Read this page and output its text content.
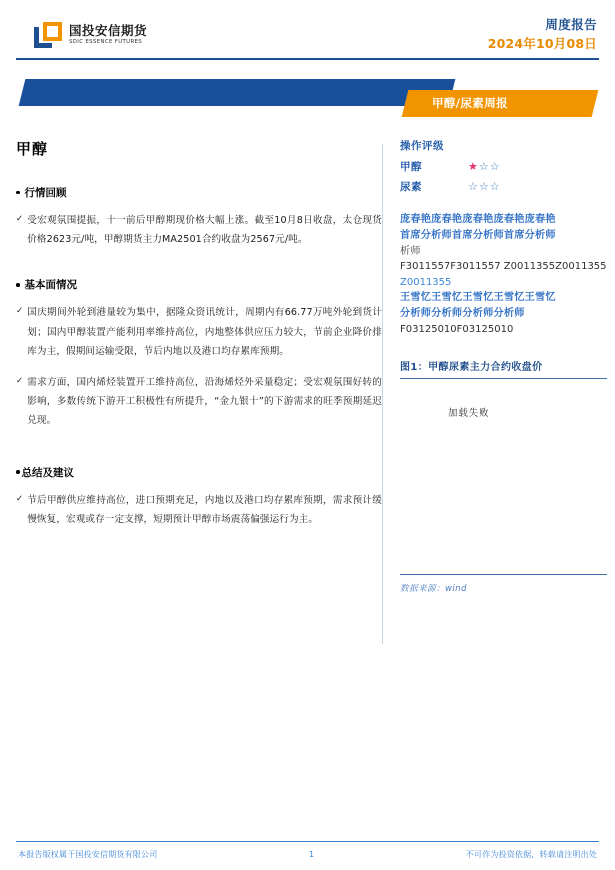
国投安信期货
SDIC ESSENCE FUTURES
周度报告
2024年10月08日
甲醇/尿素周报
甲醇
行情回顾
✓ 受宏观氛围提振，十一前后甲醇期现价格大幅上涨。截至10月8日收盘，太仓现货价格2623元/吨，甲醇期货主力MA2501合约收盘为2567元/吨。
基本面情况
✓ 国庆期间外轮到港量较为集中，据隆众资讯统计，周期内有66.77万吨外轮到货计划；国内甲醇装置产能利用率维持高位，内地整体供应压力较大，节前企业降价排库为主，假期间运输受限，节后内地以及港口均存累库预期。
✓ 需求方面，国内烯烃装置开工维持高位，沿海烯烃外采量稳定；受宏观氛围好转的影响，多数传统下游开工积极性有所提升，“金九银十”的下游需求的旺季预期延迟兑现。
总结及建议
✓ 节后甲醇供应维持高位，进口预期充足，内地以及港口均存累库预期，需求预计缓慢恢复，宏观或存一定支撑，短期预计甲醇市场震荡偏强运行为主。
操作评级
甲醇	★☆☆
尿素	☆☆☆
庞春艳庞春艳庞春艳庞春艳庞春艳
首席分析师首席分析师首席分析师
析师
F3011557F3011557 Z0011355Z0011355
Z0011355
王雪忆王雪忆王雪忆王雪忆王雪忆
分析师分析师分析师分析师
F03125010F03125010
图1：甲醇尿素主力合约收盘价
加载失败
数据来源：wind
本报告版权属于国投安信期货有限公司	1	不可作为投资依据，转载请注明出处
